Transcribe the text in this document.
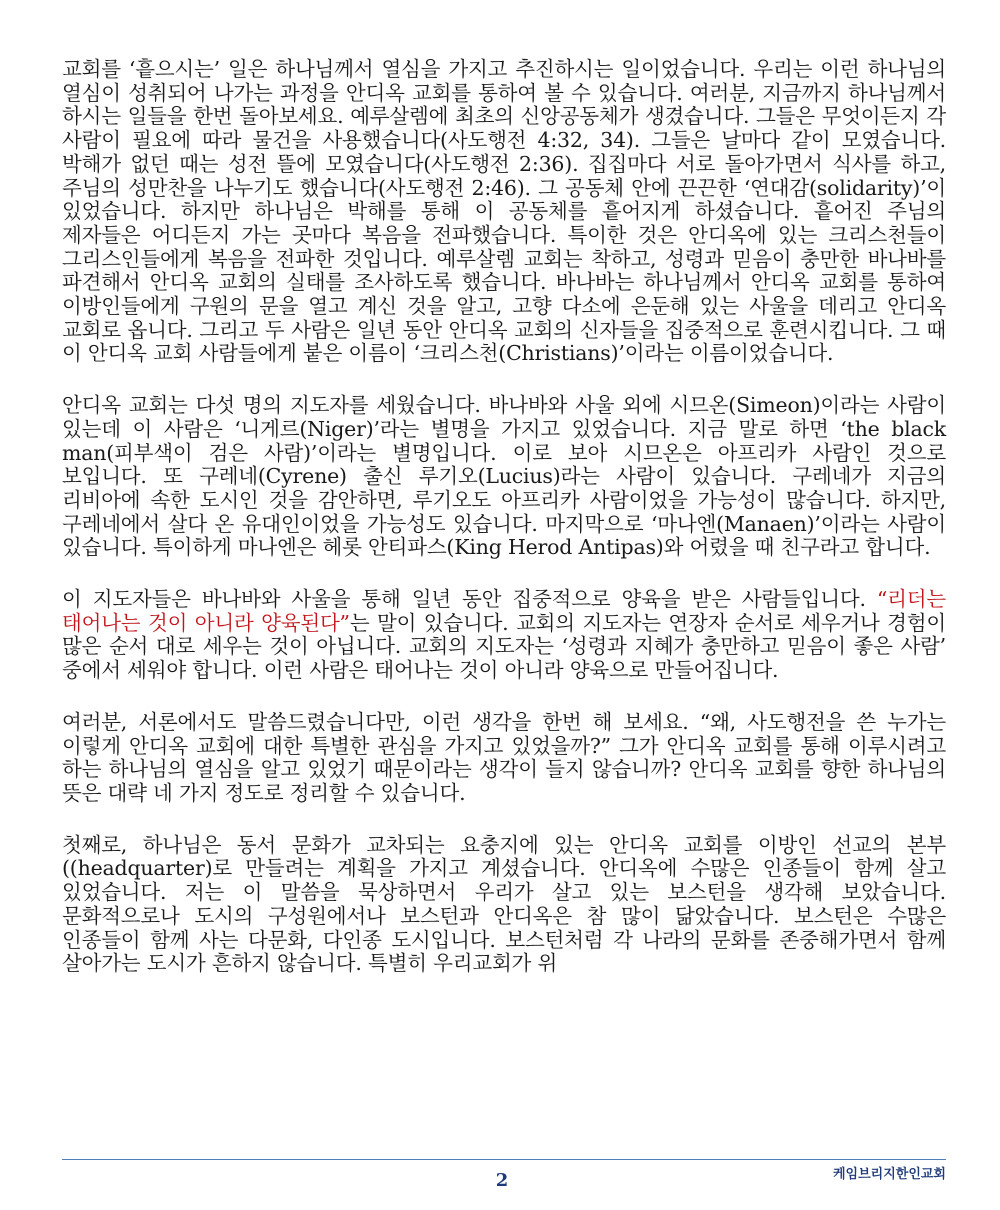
교회를 ‘흩으시는’ 일은 하나님께서 열심을 가지고 추진하시는 일이었습니다. 우리는 이런 하나님의 열심이 성취되어 나가는 과정을 안디옥 교회를 통하여 볼 수 있습니다. 여러분, 지금까지 하나님께서 하시는 일들을 한번 돌아보세요. 예루살렘에 최초의 신앙공동체가 생겼습니다. 그들은 무엇이든지 각 사람이 필요에 따라 물건을 사용했습니다(사도행전 4:32, 34). 그들은 날마다 같이 모였습니다. 박해가 없던 때는 성전 뜰에 모였습니다(사도행전 2:36). 집집마다 서로 돌아가면서 식사를 하고, 주님의 성만찬을 나누기도 했습니다(사도행전 2:46). 그 공동체 안에 끈끈한 ‘연대감(solidarity)’이 있었습니다. 하지만 하나님은 박해를 통해 이 공동체를 흩어지게 하셨습니다. 흩어진 주님의 제자들은 어디든지 가는 곳마다 복음을 전파했습니다. 특이한 것은 안디옥에 있는 크리스천들이 그리스인들에게 복음을 전파한 것입니다. 예루살렘 교회는 착하고, 성령과 믿음이 충만한 바나바를 파견해서 안디옥 교회의 실태를 조사하도록 했습니다. 바나바는 하나님께서 안디옥 교회를 통하여 이방인들에게 구원의 문을 열고 계신 것을 알고, 고향 다소에 은둔해 있는 사울을 데리고 안디옥 교회로 옵니다. 그리고 두 사람은 일년 동안 안디옥 교회의 신자들을 집중적으로 훈련시킵니다. 그 때 이 안디옥 교회 사람들에게 붙은 이름이 ‘크리스천(Christians)’이라는 이름이었습니다.

안디옥 교회는 다섯 명의 지도자를 세웠습니다. 바나바와 사울 외에 시므온(Simeon)이라는 사람이 있는데 이 사람은 ‘니게르(Niger)’라는 별명을 가지고 있었습니다. 지금 말로 하면 ‘the black man(피부색이 검은 사람)’이라는 별명입니다. 이로 보아 시므온은 아프리카 사람인 것으로 보입니다. 또 구레네(Cyrene) 출신 루기오(Lucius)라는 사람이 있습니다. 구레네가 지금의 리비아에 속한 도시인 것을 감안하면, 루기오도 아프리카 사람이었을 가능성이 많습니다. 하지만, 구레네에서 살다 온 유대인이었을 가능성도 있습니다. 마지막으로 ‘마나엔(Manaen)’이라는 사람이 있습니다. 특이하게 마나엔은 헤롯 안티파스(King Herod Antipas)와 어렸을 때 친구라고 합니다.

이 지도자들은 바나바와 사울을 통해 일년 동안 집중적으로 양육을 받은 사람들입니다. “리더는 태어나는 것이 아니라 양육된다”는 말이 있습니다. 교회의 지도자는 연장자 순서로 세우거나 경험이 많은 순서 대로 세우는 것이 아닙니다. 교회의 지도자는 ‘성령과 지혜가 충만하고 믿음이 좋은 사람’ 중에서 세워야 합니다. 이런 사람은 태어나는 것이 아니라 양육으로 만들어집니다.

여러분, 서론에서도 말씀드렸습니다만, 이런 생각을 한번 해 보세요. “왜, 사도행전을 쓴 누가는 이렇게 안디옥 교회에 대한 특별한 관심을 가지고 있었을까?” 그가 안디옥 교회를 통해 이루시려고 하는 하나님의 열심을 알고 있었기 때문이라는 생각이 들지 않습니까? 안디옥 교회를 향한 하나님의 뜻은 대략 네 가지 정도로 정리할 수 있습니다.

첫째로, 하나님은 동서 문화가 교차되는 요충지에 있는 안디옥 교회를 이방인 선교의 본부((headquarter)로 만들려는 계획을 가지고 계셨습니다. 안디옥에 수많은 인종들이 함께 살고 있었습니다. 저는 이 말씀을 묵상하면서 우리가 살고 있는 보스턴을 생각해 보았습니다. 문화적으로나 도시의 구성원에서나 보스턴과 안디옥은 참 많이 닮았습니다. 보스턴은 수많은 인종들이 함께 사는 다문화, 다인종 도시입니다. 보스턴처럼 각 나라의 문화를 존중해가면서 함께 살아가는 도시가 흔하지 않습니다. 특별히 우리교회가 위

2	케임브리지한인교회
